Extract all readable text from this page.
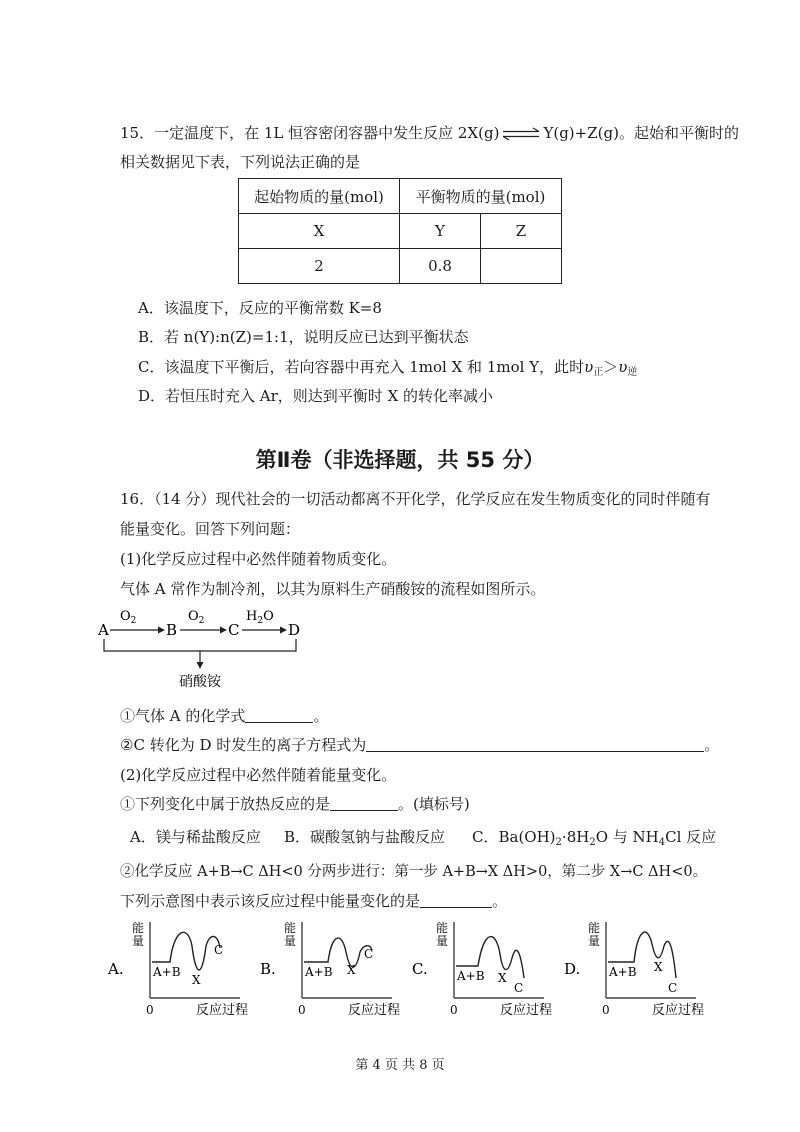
15．一定温度下，在 1L 恒容密闭容器中发生反应 2X(g) ⇌ Y(g)+Z(g)。起始和平衡时的
相关数据见下表，下列说法正确的是
起始物质的量(mol)	平衡物质的量(mol)	
X	Y	Z
2	0.8	
A．该温度下，反应的平衡常数 K=8
B．若 n(Y):n(Z)=1:1，说明反应已达到平衡状态
C．该温度下平衡后，若向容器中再充入 1mol X 和 1mol Y，此时$\upsilon_正>\upsilon_逆$
D．若恒压时充入 Ar，则达到平衡时 X 的转化率减小
第Ⅱ卷（非选择题，共 55 分）
16．（14 分）现代社会的一切活动都离不开化学，化学反应在发生物质变化的同时伴随有
能量变化。回答下列问题：
(1)化学反应过程中必然伴随着物质变化。
气体 A 常作为制冷剂，以其为原料生产硝酸铵的流程如图所示。
A
$O_2$ B
$O_2$ C
$H_2O$
D
硝酸铵
①气体 A 的化学式	。
②C 转化为 D 时发生的离子方程式为	。
(2)化学反应过程中必然伴随着能量变化。
①下列变化中属于放热反应的是	。(填标号)
A．镁与稀盐酸反应 B．碳酸氢钠与盐酸反应 C．$Ba(OH)_2\cdot 8H_2O$ 与 $NH_4Cl$ 反应
②化学反应 A+B→C ΔH<0 分两步进行：第一步 A+B→X ΔH>0，第二步 X→C ΔH<0。
下列示意图中表示该反应过程中能量变化的是	。
A.
能
量
0	反应过程
A+B
X
C
B.
能
量
0	反应过程
A+B X
C
C.
能
量
0	反应过程
A+B X
C
D.
能
量
0	反应过程
A+B X
C
第 4 页 共 8 页
